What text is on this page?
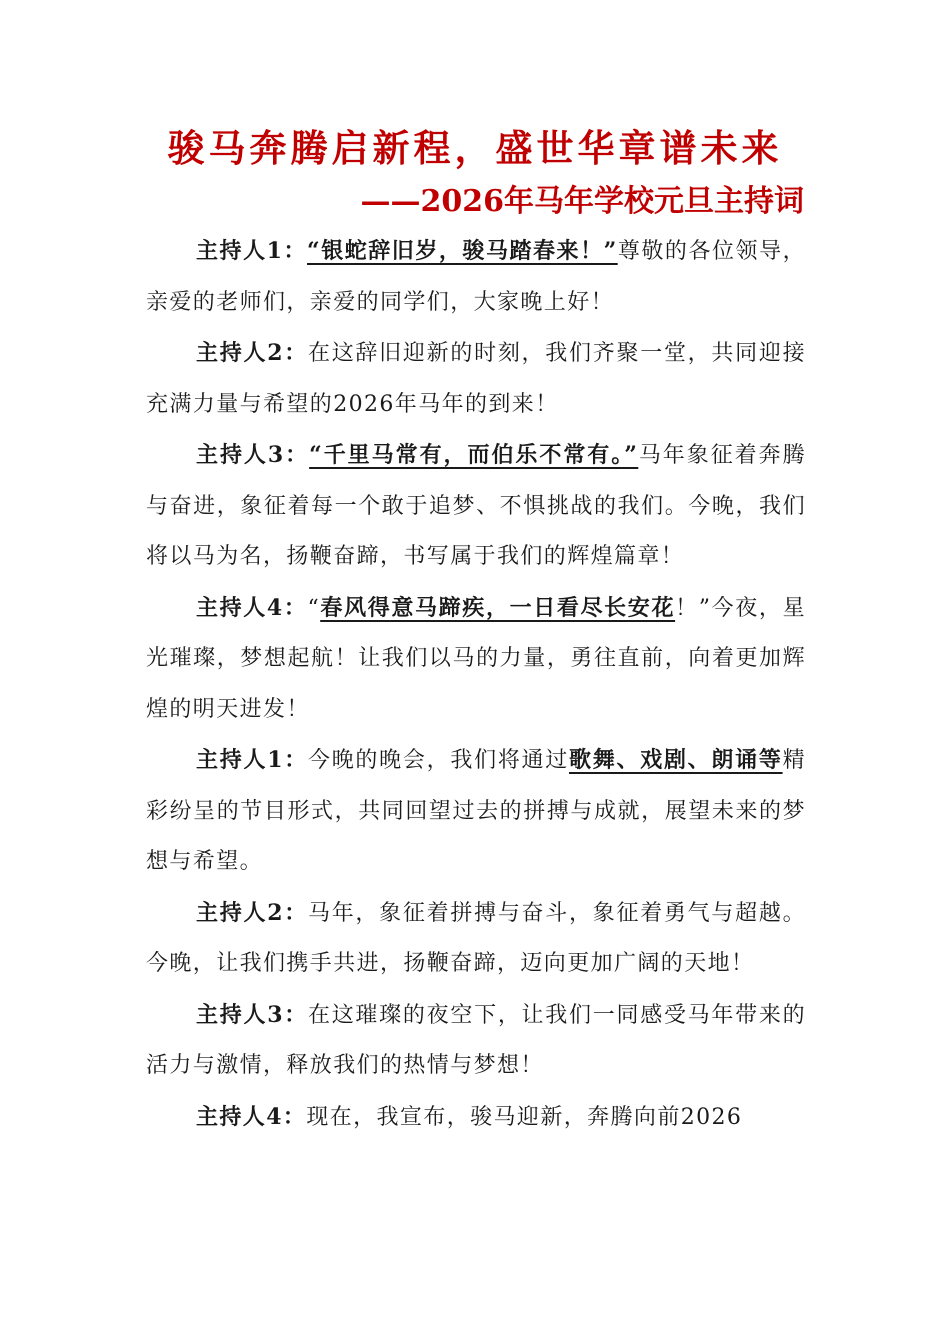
骏马奔腾启新程，盛世华章谱未来
——2026年马年学校元旦主持词

主持人1：“银蛇辞旧岁，骏马踏春来！”尊敬的各位领导，亲爱的老师们，亲爱的同学们，大家晚上好！

主持人2：在这辞旧迎新的时刻，我们齐聚一堂，共同迎接充满力量与希望的2026年马年的到来！

主持人3：“千里马常有，而伯乐不常有。”马年象征着奔腾与奋进，象征着每一个敢于追梦、不惧挑战的我们。今晚，我们将以马为名，扬鞭奋蹄，书写属于我们的辉煌篇章！

主持人4：“春风得意马蹄疾，一日看尽长安花！”今夜，星光璀璨，梦想起航！让我们以马的力量，勇往直前，向着更加辉煌的明天进发！

主持人1：今晚的晚会，我们将通过歌舞、戏剧、朗诵等精彩纷呈的节目形式，共同回望过去的拼搏与成就，展望未来的梦想与希望。

主持人2：马年，象征着拼搏与奋斗，象征着勇气与超越。今晚，让我们携手共进，扬鞭奋蹄，迈向更加广阔的天地！

主持人3：在这璀璨的夜空下，让我们一同感受马年带来的活力与激情，释放我们的热情与梦想！

主持人4：现在，我宣布，骏马迎新，奔腾向前2026
